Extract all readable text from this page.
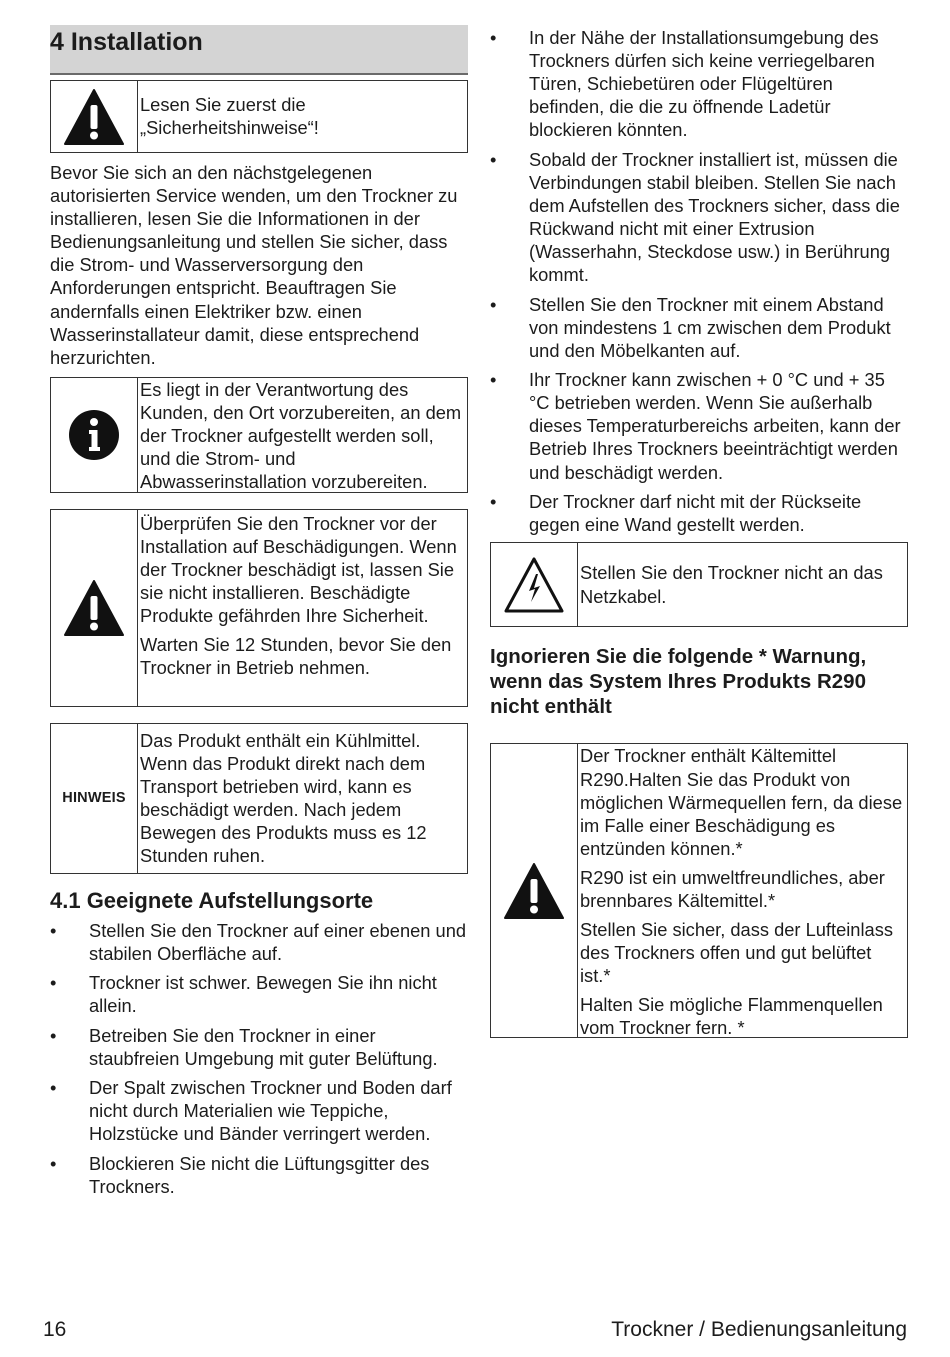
4 Installation
Lesen Sie zuerst die „Sicherheitshinweise“!

Bevor Sie sich an den nächstgelegenen autorisierten Service wenden, um den Trockner zu installieren, lesen Sie die Informationen in der Bedienungsanleitung und stellen Sie sicher, dass die Strom- und Wasserversorgung den Anforderungen entspricht. Beauftragen Sie andernfalls einen Elektriker bzw. einen Wasserinstallateur damit, diese entsprechend herzurichten.

Es liegt in der Verantwortung des Kunden, den Ort vorzubereiten, an dem der Trockner aufgestellt werden soll, und die Strom- und Abwasserinstallation vorzubereiten.
Überprüfen Sie den Trockner vor der Installation auf Beschädigungen. Wenn der Trockner beschädigt ist, lassen Sie sie nicht installieren. Beschädigte Produkte gefährden Ihre Sicherheit.
Warten Sie 12 Stunden, bevor Sie den Trockner in Betrieb nehmen.
HINWEIS
Das Produkt enthält ein Kühlmittel. Wenn das Produkt direkt nach dem Transport betrieben wird, kann es beschädigt werden. Nach jedem Bewegen des Produkts muss es 12 Stunden ruhen.
4.1 Geeignete Aufstellungsorte
• Stellen Sie den Trockner auf einer ebenen und stabilen Oberfläche auf.
• Trockner ist schwer. Bewegen Sie ihn nicht allein.
• Betreiben Sie den Trockner in einer staubfreien Umgebung mit guter Belüftung.
• Der Spalt zwischen Trockner und Boden darf nicht durch Materialien wie Teppiche, Holzstücke und Bänder verringert werden.
• Blockieren Sie nicht die Lüftungsgitter des Trockners.
• In der Nähe der Installationsumgebung des Trockners dürfen sich keine verriegelbaren Türen, Schiebetüren oder Flügeltüren befinden, die die zu öffnende Ladetür blockieren könnten.
• Sobald der Trockner installiert ist, müssen die Verbindungen stabil bleiben. Stellen Sie nach dem Aufstellen des Trockners sicher, dass die Rückwand nicht mit einer Extrusion (Wasserhahn, Steckdose usw.) in Berührung kommt.
• Stellen Sie den Trockner mit einem Abstand von mindestens 1 cm zwischen dem Produkt und den Möbelkanten auf.
• Ihr Trockner kann zwischen + 0 °C und + 35 °C betrieben werden. Wenn Sie außerhalb dieses Temperaturbereichs arbeiten, kann der Betrieb Ihres Trockners beeinträchtigt werden und beschädigt werden.
• Der Trockner darf nicht mit der Rückseite gegen eine Wand gestellt werden.
Stellen Sie den Trockner nicht an das Netzkabel.
Ignorieren Sie die folgende * Warnung, wenn das System Ihres Produkts R290 nicht enthält
Der Trockner enthält Kältemittel R290.Halten Sie das Produkt von möglichen Wärmequellen fern, da diese im Falle einer Beschädigung es entzünden können.*
R290 ist ein umweltfreundliches, aber brennbares Kältemittel.*
Stellen Sie sicher, dass der Lufteinlass des Trockners offen und gut belüftet ist.*
Halten Sie mögliche Flammenquellen vom Trockner fern. *
16	Trockner / Bedienungsanleitung
